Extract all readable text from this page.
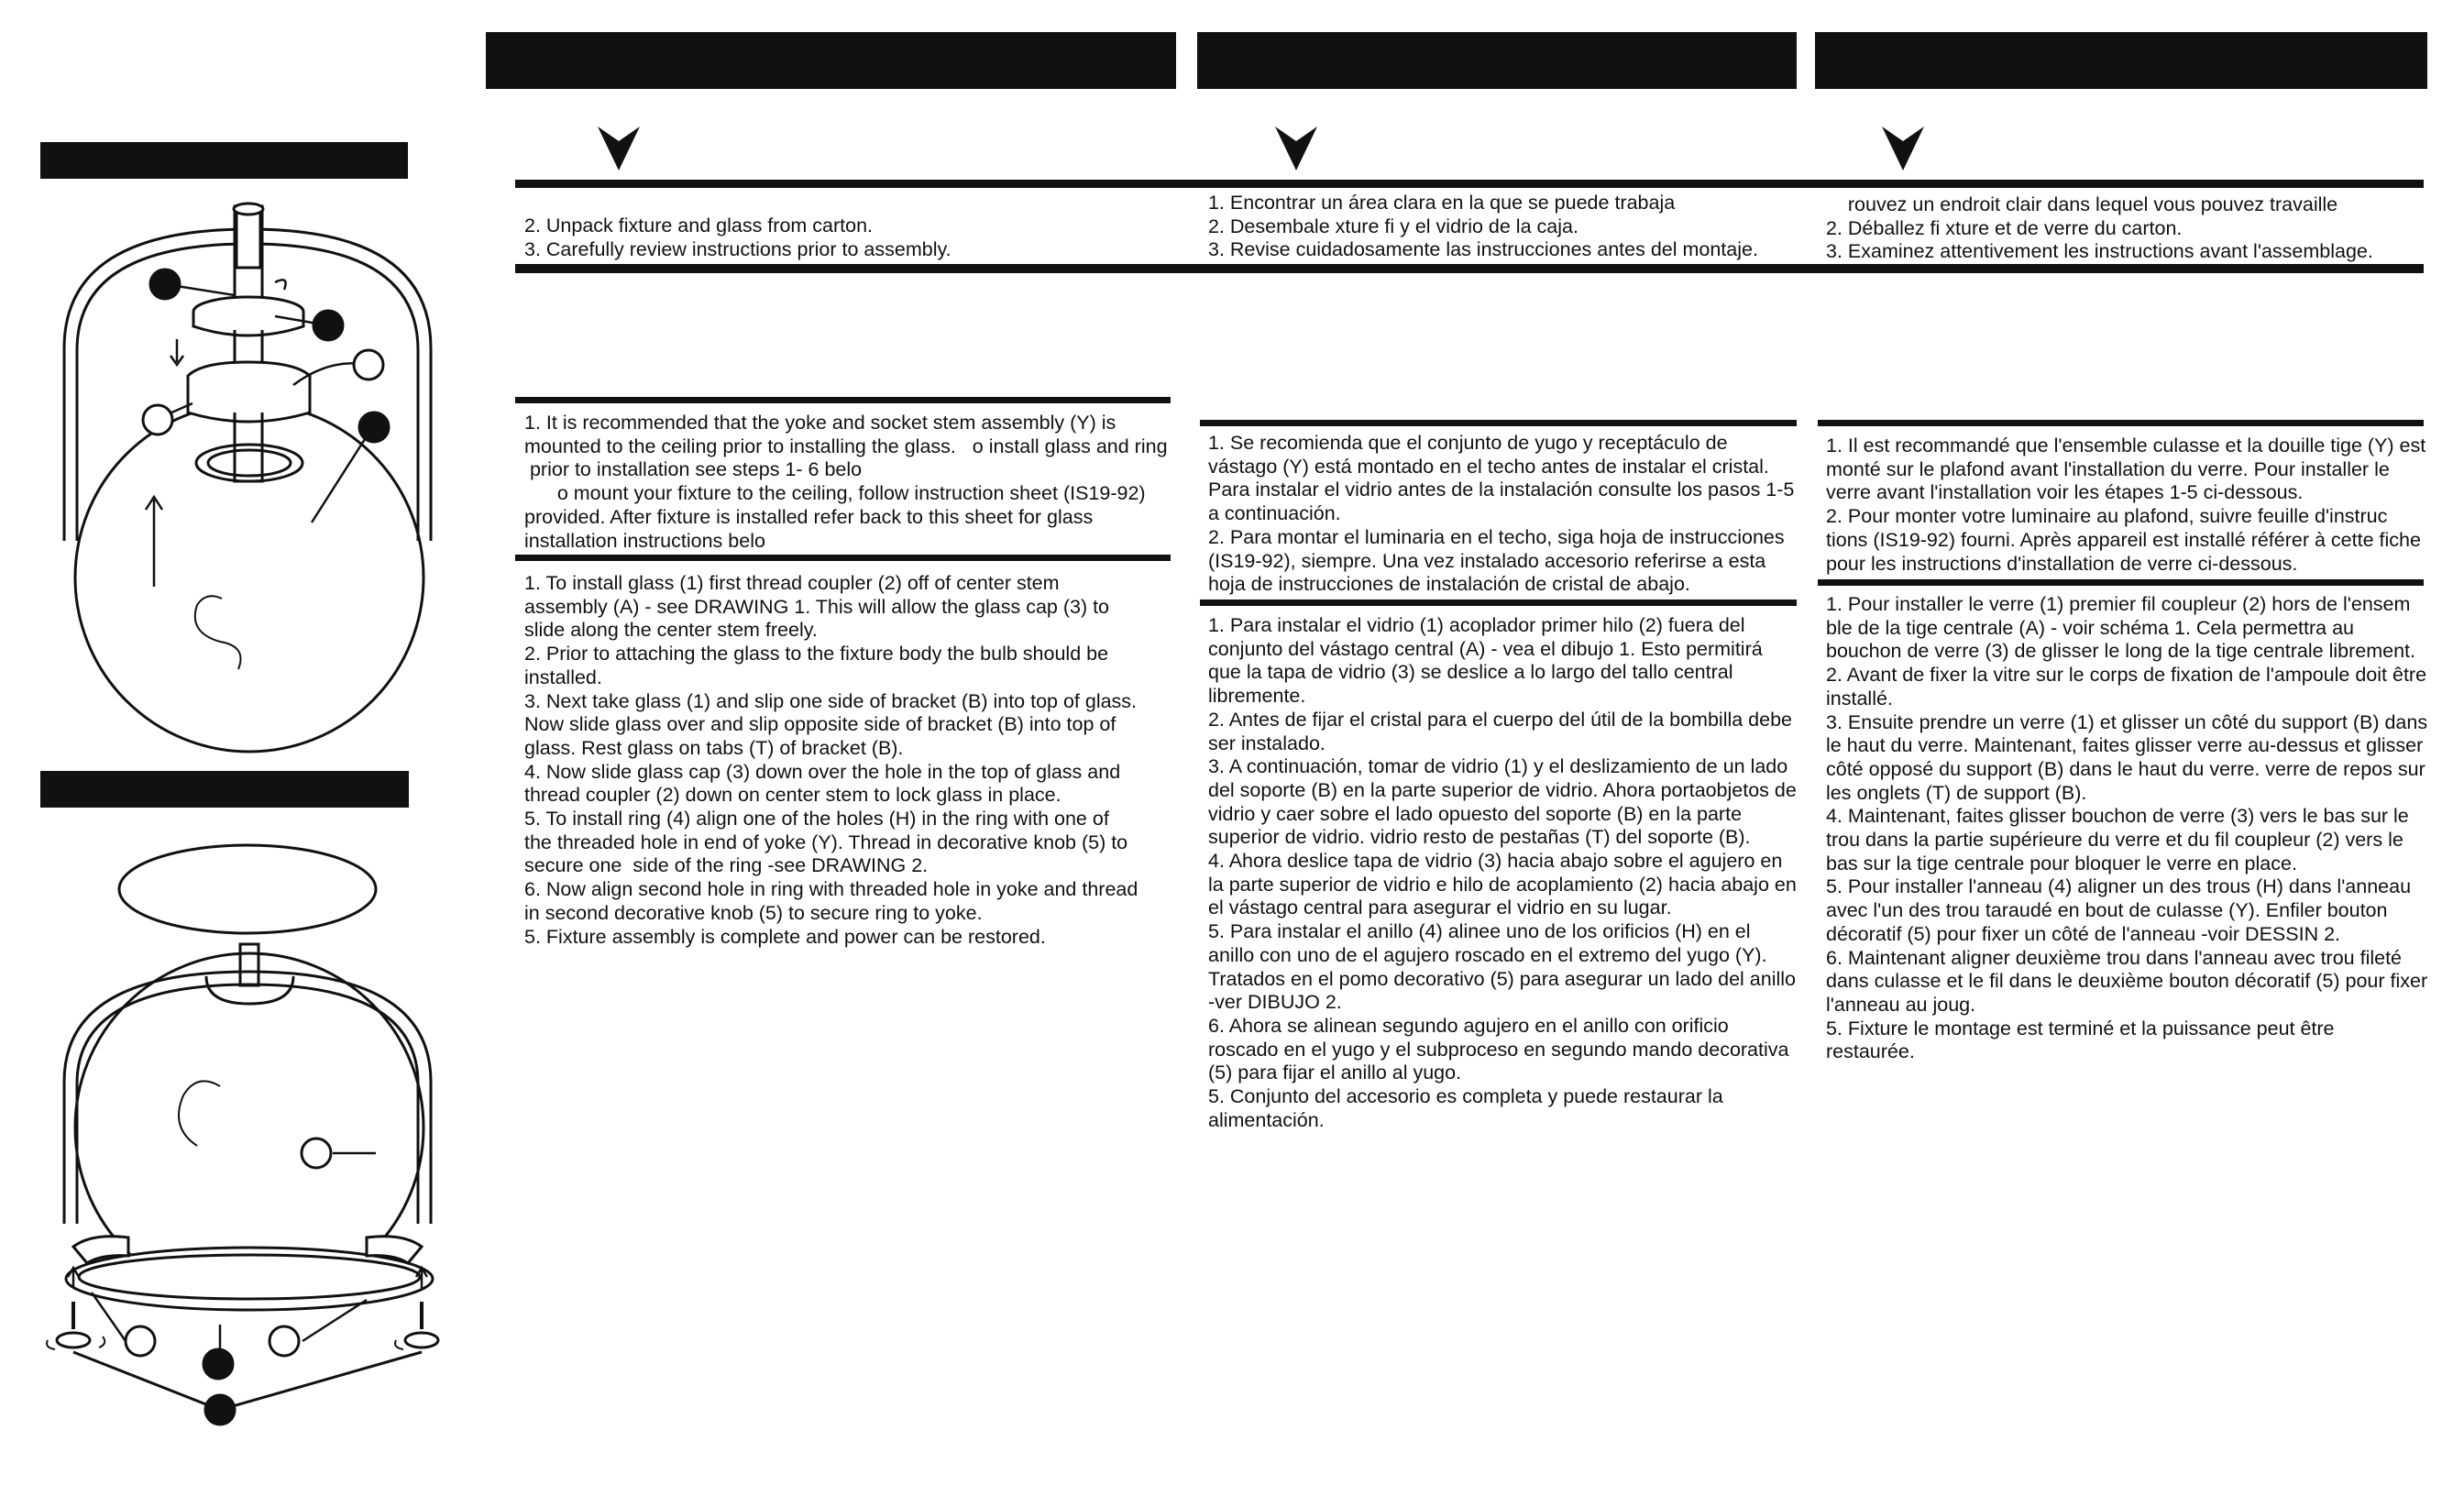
2. Unpack fixture and glass from carton.
3. Carefully review instructions prior to assembly.
1. Encontrar un área clara en la que se puede trabaja
2. Desembale xture fi y el vidrio de la caja.
3. Revise cuidadosamente las instrucciones antes del montaje.
rouvez un endroit clair dans lequel vous pouvez travaille
2. Déballez fi xture et de verre du carton.
3. Examinez attentivement les instructions avant l'assemblage.
1. It is recommended that the yoke and socket stem assembly (Y) is
mounted to the ceiling prior to installing the glass.   o install glass and ring
prior to installation see steps 1- 6 belo
o mount your fixture to the ceiling, follow instruction sheet (IS19-92)
provided. After fixture is installed refer back to this sheet for glass
installation instructions belo
1. Se recomienda que el conjunto de yugo y receptáculo de
vástago (Y) está montado en el techo antes de instalar el cristal.
Para instalar el vidrio antes de la instalación consulte los pasos 1-5
a continuación.
2. Para montar el luminaria en el techo, siga hoja de instrucciones
(IS19-92), siempre. Una vez instalado accesorio referirse a esta
hoja de instrucciones de instalación de cristal de abajo.
1. Il est recommandé que l'ensemble culasse et la douille tige (Y) est
monté sur le plafond avant l'installation du verre. Pour installer le
verre avant l'installation voir les étapes 1-5 ci-dessous.
2. Pour monter votre luminaire au plafond, suivre feuille d'instruc
tions (IS19-92) fourni. Après appareil est installé référer à cette fiche
pour les instructions d'installation de verre ci-dessous.
1. To install glass (1) first thread coupler (2) off of center stem
assembly (A) - see DRAWING 1. This will allow the glass cap (3) to
slide along the center stem freely.
2. Prior to attaching the glass to the fixture body the bulb should be
installed.
3. Next take glass (1) and slip one side of bracket (B) into top of glass.
Now slide glass over and slip opposite side of bracket (B) into top of
glass. Rest glass on tabs (T) of bracket (B).
4. Now slide glass cap (3) down over the hole in the top of glass and
thread coupler (2) down on center stem to lock glass in place.
5. To install ring (4) align one of the holes (H) in the ring with one of
the threaded hole in end of yoke (Y). Thread in decorative knob (5) to
secure one  side of the ring -see DRAWING 2.
6. Now align second hole in ring with threaded hole in yoke and thread
in second decorative knob (5) to secure ring to yoke.
5. Fixture assembly is complete and power can be restored.
1. Para instalar el vidrio (1) acoplador primer hilo (2) fuera del
conjunto del vástago central (A) - vea el dibujo 1. Esto permitirá
que la tapa de vidrio (3) se deslice a lo largo del tallo central
libremente.
2. Antes de fijar el cristal para el cuerpo del útil de la bombilla debe
ser instalado.
3. A continuación, tomar de vidrio (1) y el deslizamiento de un lado
del soporte (B) en la parte superior de vidrio. Ahora portaobjetos de
vidrio y caer sobre el lado opuesto del soporte (B) en la parte
superior de vidrio. vidrio resto de pestañas (T) del soporte (B).
4. Ahora deslice tapa de vidrio (3) hacia abajo sobre el agujero en
la parte superior de vidrio e hilo de acoplamiento (2) hacia abajo en
el vástago central para asegurar el vidrio en su lugar.
5. Para instalar el anillo (4) alinee uno de los orificios (H) en el
anillo con uno de el agujero roscado en el extremo del yugo (Y).
Tratados en el pomo decorativo (5) para asegurar un lado del anillo
-ver DIBUJO 2.
6. Ahora se alinean segundo agujero en el anillo con orificio
roscado en el yugo y el subproceso en segundo mando decorativa
(5) para fijar el anillo al yugo.
5. Conjunto del accesorio es completa y puede restaurar la
alimentación.
1. Pour installer le verre (1) premier fil coupleur (2) hors de l'ensem
ble de la tige centrale (A) - voir schéma 1. Cela permettra au
bouchon de verre (3) de glisser le long de la tige centrale librement.
2. Avant de fixer la vitre sur le corps de fixation de l'ampoule doit être
installé.
3. Ensuite prendre un verre (1) et glisser un côté du support (B) dans
le haut du verre. Maintenant, faites glisser verre au-dessus et glisser
côté opposé du support (B) dans le haut du verre. verre de repos sur
les onglets (T) de support (B).
4. Maintenant, faites glisser bouchon de verre (3) vers le bas sur le
trou dans la partie supérieure du verre et du fil coupleur (2) vers le
bas sur la tige centrale pour bloquer le verre en place.
5. Pour installer l'anneau (4) aligner un des trous (H) dans l'anneau
avec l'un des trou taraudé en bout de culasse (Y). Enfiler bouton
décoratif (5) pour fixer un côté de l'anneau -voir DESSIN 2.
6. Maintenant aligner deuxième trou dans l'anneau avec trou fileté
dans culasse et le fil dans le deuxième bouton décoratif (5) pour fixer
l'anneau au joug.
5. Fixture le montage est terminé et la puissance peut être
restaurée.
